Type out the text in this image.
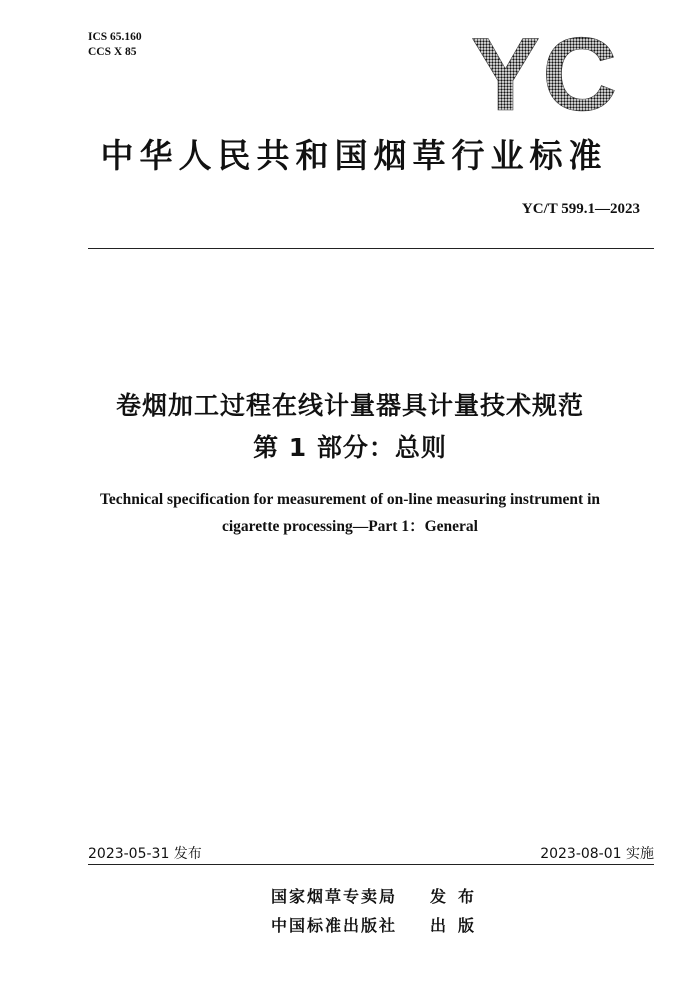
ICS 65.160
CCS X 85	YC
中华人民共和国烟草行业标准
YC/T 599.1—2023
卷烟加工过程在线计量器具计量技术规范
第 1 部分：总则
Technical specification for measurement of on-line measuring instrument in
cigarette processing—Part 1：General
2023-05-31 发布	2023-08-01 实施
国家烟草专卖局 发布
中国标准出版社 出版
